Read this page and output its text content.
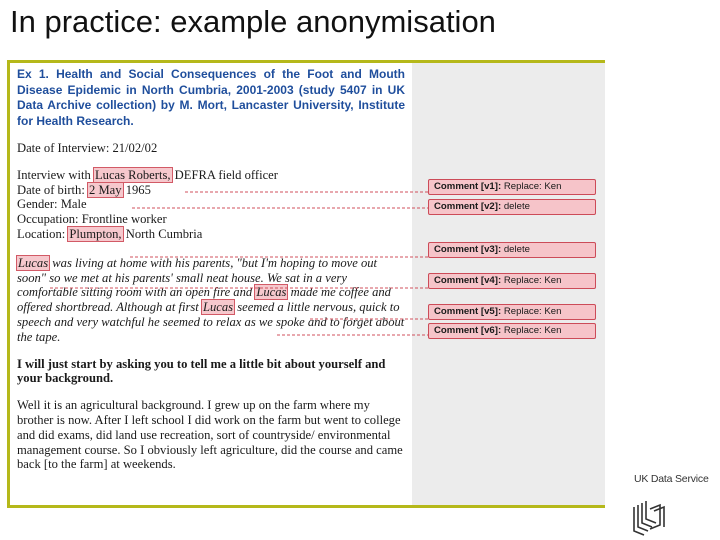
In practice: example anonymisation

Ex 1. Health and Social Consequences of the Foot and Mouth Disease Epidemic in North Cumbria, 2001-2003 (study 5407 in UK Data Archive collection) by M. Mort, Lancaster University, Institute for Health Research.

Date of Interview: 21/02/02

Interview with Lucas Roberts, DEFRA field officer

Date of birth: 2 May 1965

Gender: Male

Occupation: Frontline worker

Location: Plumpton, North Cumbria

Lucas was living at home with his parents, "but I'm hoping to move out soon" so we met at his parents' small neat house. We sat in a very comfortable sitting room with an open fire and Lucas made me coffee and offered shortbread. Although at first Lucas seemed a little nervous, quick to speech and very watchful he seemed to relax as we spoke and to forget about the tape.

I will just start by asking you to tell me a little bit about yourself and your background.

Well it is an agricultural background. I grew up on the farm where my brother is now. After I left school I did work on the farm but went to college and did exams, did land use recreation, sort of countryside/ environmental management course. So I obviously left agriculture, did the course and came back [to the farm] at weekends.

Comment [v1]: Replace: Ken
Comment [v2]: delete
Comment [v3]: delete
Comment [v4]: Replace: Ken
Comment [v5]: Replace: Ken
Comment [v6]: Replace: Ken
UK Data Service
